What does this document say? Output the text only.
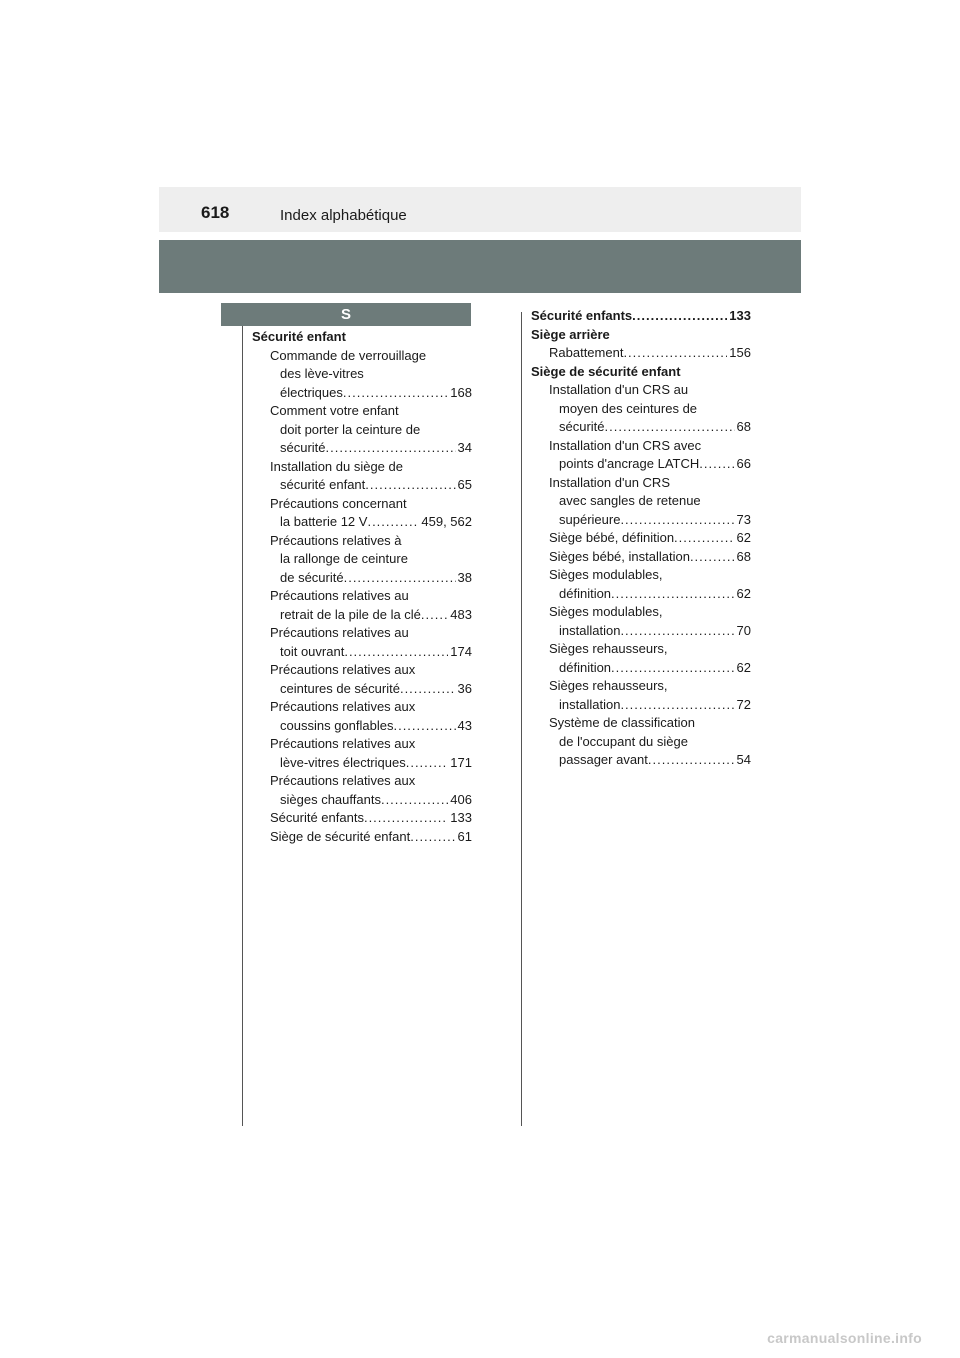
618	Index alphabétique
S
Sécurité enfant
Commande de verrouillage
des lève-vitres
électriques .....	168
Comment votre enfant
doit porter la ceinture de
sécurité .....	34
Installation du siège de
sécurité enfant .....	65
Précautions concernant
la batterie 12 V .....	459, 562
Précautions relatives à
la rallonge de ceinture
de sécurité .....	38
Précautions relatives au
retrait de la pile de la clé ..... 483
Précautions relatives au
toit ouvrant .....	174
Précautions relatives aux
ceintures de sécurité .....	36
Précautions relatives aux
coussins gonflables .....	43
Précautions relatives aux
lève-vitres électriques .....	171
Précautions relatives aux
sièges chauffants .....	406
Sécurité enfants .....	133
Siège de sécurité enfant .....	61
Sécurité enfants .....	133
Siège arrière
Rabattement .....	156
Siège de sécurité enfant
Installation d'un CRS au
moyen des ceintures de
sécurité .....	68
Installation d'un CRS avec
points d'ancrage LATCH .....	66
Installation d'un CRS
avec sangles de retenue
supérieure .....	73
Siège bébé, définition .....	62
Sièges bébé, installation .....	68
Sièges modulables,
définition .....	62
Sièges modulables,
installation .....	70
Sièges rehausseurs,
définition .....	62
Sièges rehausseurs,
installation .....	72
Système de classification
de l'occupant du siège
passager avant .....	54
carmanualsonline.info
